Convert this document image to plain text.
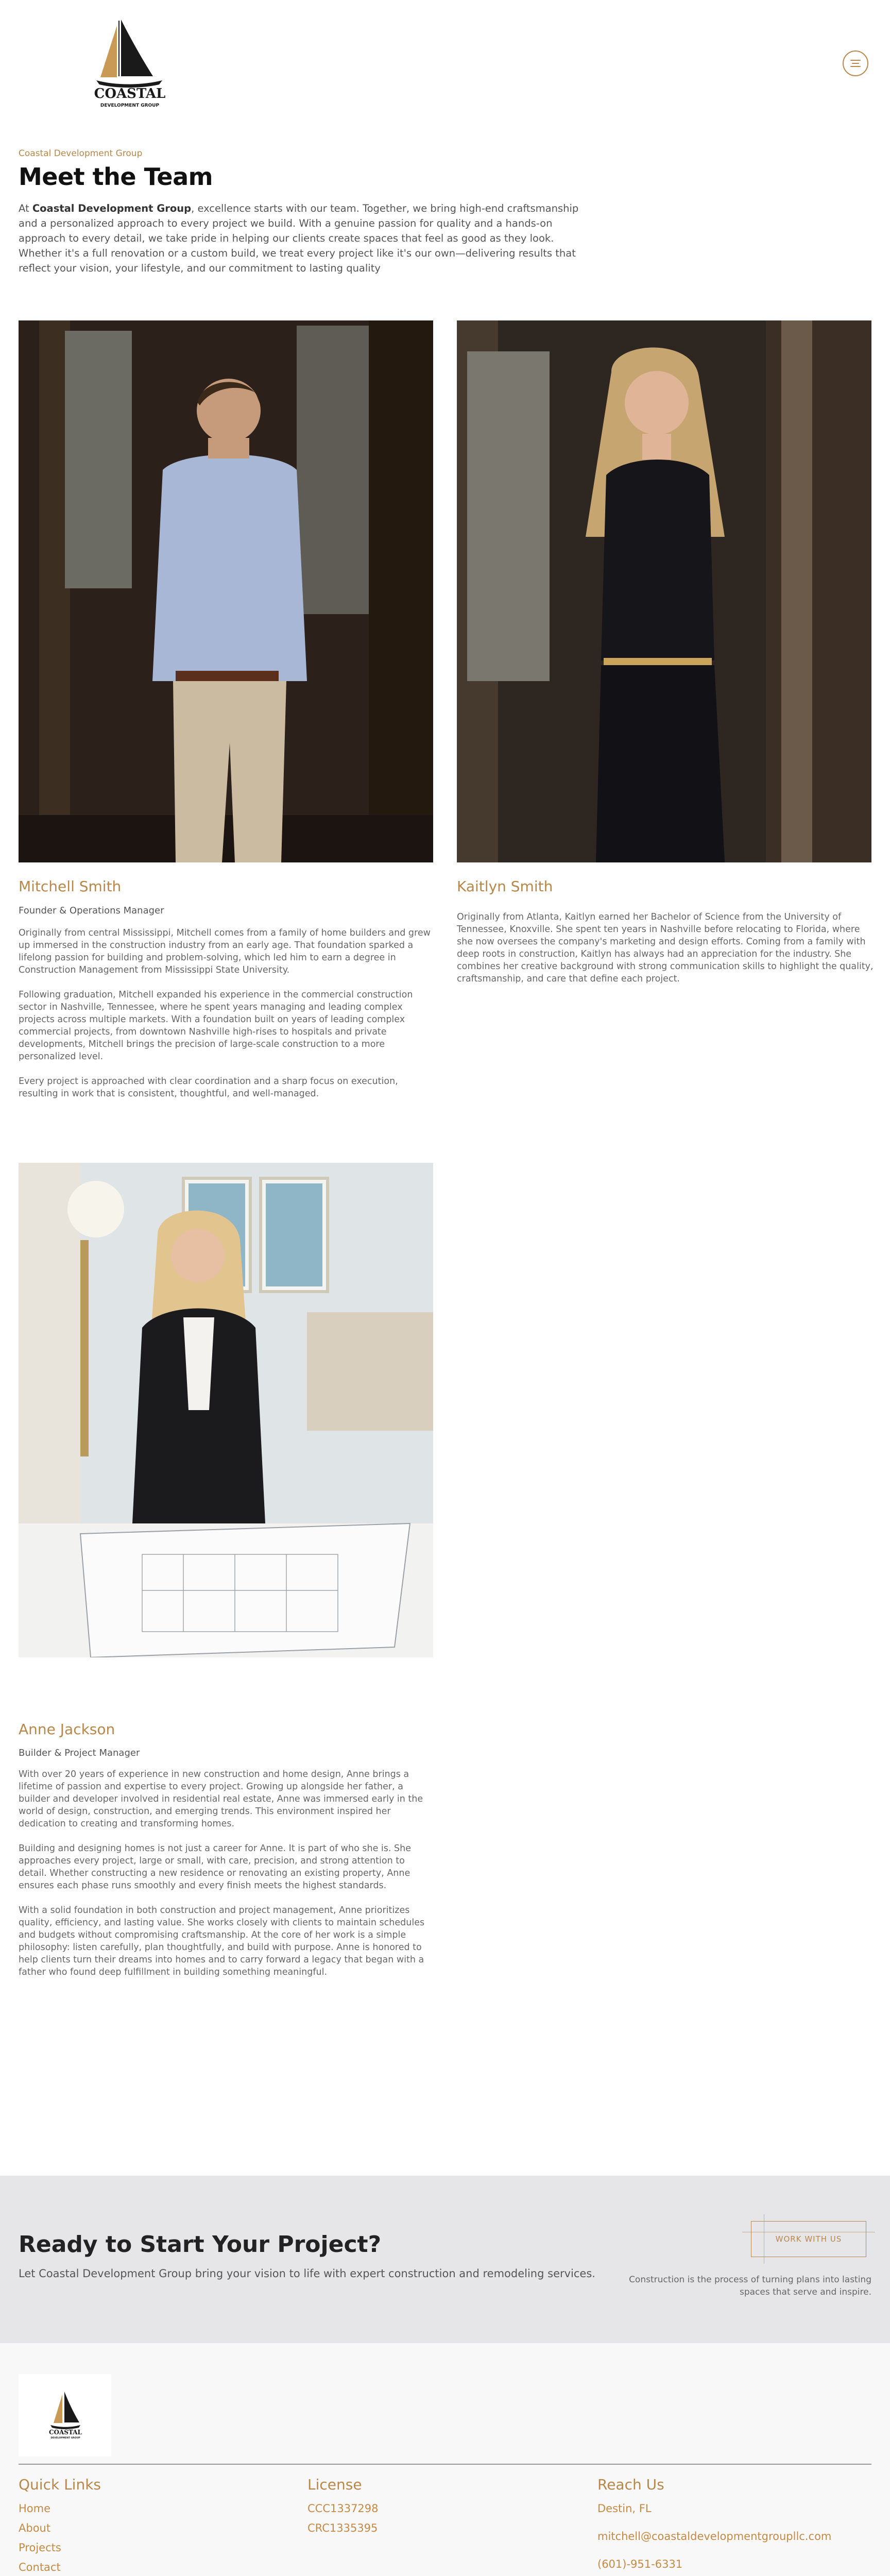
COASTAL
DEVELOPMENT GROUP
Coastal Development Group
Meet the Team

At Coastal Development Group, excellence starts with our team. Together, we bring high-end craftsmanship and a personalized approach to every project we build. With a genuine passion for quality and a hands-on approach to every detail, we take pride in helping our clients create spaces that feel as good as they look. Whether it's a full renovation or a custom build, we treat every project like it's our own—delivering results that reflect your vision, your lifestyle, and our commitment to lasting quality

Mitchell Smith
Founder & Operations Manager

Originally from central Mississippi, Mitchell comes from a family of home builders and grew up immersed in the construction industry from an early age. That foundation sparked a lifelong passion for building and problem-solving, which led him to earn a degree in Construction Management from Mississippi State University.

Following graduation, Mitchell expanded his experience in the commercial construction sector in Nashville, Tennessee, where he spent years managing and leading complex projects across multiple markets. With a foundation built on years of leading complex commercial projects, from downtown Nashville high-rises to hospitals and private developments, Mitchell brings the precision of large-scale construction to a more personalized level.

Every project is approached with clear coordination and a sharp focus on execution, resulting in work that is consistent, thoughtful, and well-managed.

Kaitlyn Smith

Originally from Atlanta, Kaitlyn earned her Bachelor of Science from the University of Tennessee, Knoxville. She spent ten years in Nashville before relocating to Florida, where she now oversees the company's marketing and design efforts. Coming from a family with deep roots in construction, Kaitlyn has always had an appreciation for the industry. She combines her creative background with strong communication skills to highlight the quality, craftsmanship, and care that define each project.

Anne Jackson
Builder & Project Manager

With over 20 years of experience in new construction and home design, Anne brings a lifetime of passion and expertise to every project. Growing up alongside her father, a builder and developer involved in residential real estate, Anne was immersed early in the world of design, construction, and emerging trends. This environment inspired her dedication to creating and transforming homes.

Building and designing homes is not just a career for Anne. It is part of who she is. She approaches every project, large or small, with care, precision, and strong attention to detail. Whether constructing a new residence or renovating an existing property, Anne ensures each phase runs smoothly and every finish meets the highest standards.

With a solid foundation in both construction and project management, Anne prioritizes quality, efficiency, and lasting value. She works closely with clients to maintain schedules and budgets without compromising craftsmanship. At the core of her work is a simple philosophy: listen carefully, plan thoughtfully, and build with purpose. Anne is honored to help clients turn their dreams into homes and to carry forward a legacy that began with a father who found deep fulfillment in building something meaningful.

Ready to Start Your Project?
Let Coastal Development Group bring your vision to life with expert construction and remodeling services.
WORK WITH US
Construction is the process of turning plans into lasting spaces that serve and inspire.
COASTAL
DEVELOPMENT GROUP
Quick Links
Home
About
Projects
Contact
License
CCC1337298
CRC1335395
Reach Us
Destin, FL
mitchell@coastaldevelopmentgroupllc.com
(601)-951-6331
